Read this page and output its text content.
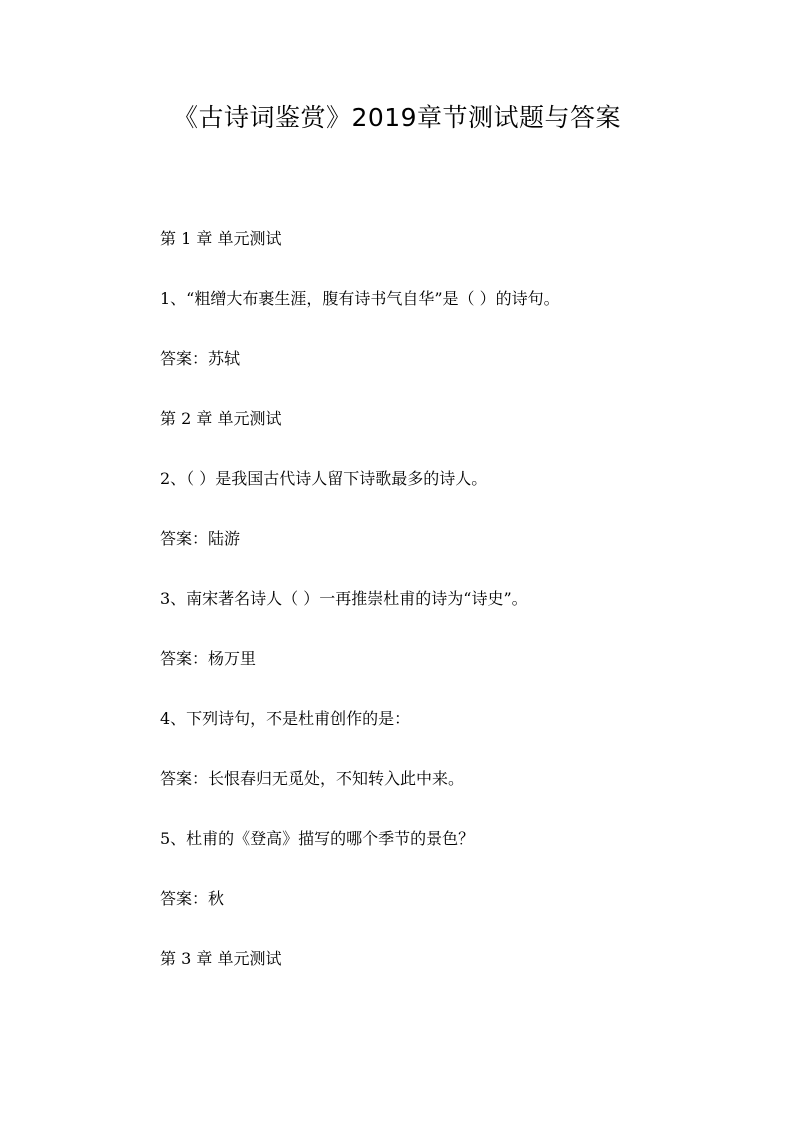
《古诗词鉴赏》2019章节测试题与答案
第 1 章 单元测试
1、“粗缯大布裹生涯，腹有诗书气自华”是（ ）的诗句。
答案：苏轼
第 2 章 单元测试
2、（ ）是我国古代诗人留下诗歌最多的诗人。
答案：陆游
3、南宋著名诗人（ ）一再推崇杜甫的诗为“诗史”。
答案：杨万里
4、下列诗句，不是杜甫创作的是：
答案：长恨春归无觅处，不知转入此中来。
5、杜甫的《登高》描写的哪个季节的景色？
答案：秋
第 3 章 单元测试
